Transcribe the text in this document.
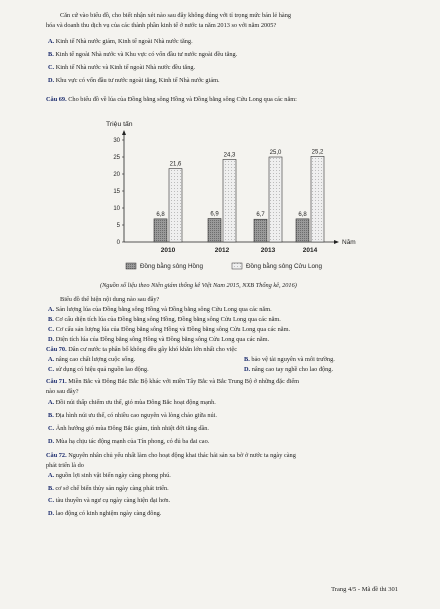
Căn cứ vào biểu đồ, cho biết nhận xét nào sau đây không đúng với tỉ trọng mức bán lẻ hàng
hóa và doanh thu dịch vụ của các thành phần kinh tế ở nước ta năm 2013 so với năm 2005?
A. Kinh tế Nhà nước giảm, Kinh tế ngoài Nhà nước tăng.
B. Kinh tế ngoài Nhà nước và Khu vực có vốn đầu tư nước ngoài đều tăng.
C. Kinh tế Nhà nước và Kinh tế ngoài Nhà nước đều tăng.
D. Khu vực có vốn đầu tư nước ngoài tăng, Kinh tế Nhà nước giảm.
Câu 69. Cho biểu đồ về lúa của Đồng bằng sông Hồng và Đồng bằng sông Cửu Long qua các năm:
Triệu tấn
0
5
10
15
20
25
30
6,8
21,6
2010
6,9
24,3
2012
6,7
25,0
2013
6,8
25,2
2014
Năm
Đồng bằng sông Hồng	Đồng bằng sông Cửu Long
(Nguồn số liệu theo Niên giám thống kê Việt Nam 2015, NXB Thống kê, 2016)
Biểu đồ thể hiện nội dung nào sau đây?
A. Sản lượng lúa của Đồng bằng sông Hồng và Đồng bằng sông Cửu Long qua các năm.
B. Cơ cấu diện tích lúa của Đồng bằng sông Hồng, Đồng bằng sông Cửu Long qua các năm.
C. Cơ cấu sản lượng lúa của Đồng bằng sông Hồng và Đồng bằng sông Cửu Long qua các năm.
D. Diện tích lúa của Đồng bằng sông Hồng và Đồng bằng sông Cửu Long qua các năm.
Câu 70. Dân cư nước ta phân bố không đều gây khó khăn lớn nhất cho việc
A. nâng cao chất lượng cuộc sống.	B. bảo vệ tài nguyên và môi trường.
C. sử dụng có hiệu quả nguồn lao động.	D. nâng cao tay nghề cho lao động.
Câu 71. Miền Bắc và Đông Bắc Bắc Bộ khác với miền Tây Bắc và Bắc Trung Bộ ở những đặc điểm
nào sau đây?
A. Đồi núi thấp chiếm ưu thế, gió mùa Đông Bắc hoạt động mạnh.
B. Địa hình núi ưu thế, có nhiều cao nguyên và lòng chảo giữa núi.
C. Ảnh hưởng gió mùa Đông Bắc giảm, tính nhiệt đới tăng dần.
D. Mùa hạ chịu tác động mạnh của Tín phong, có đủ ba đai cao.
Câu 72. Nguyên nhân chủ yếu nhất làm cho hoạt động khai thác hải sản xa bờ ở nước ta ngày càng
phát triển là do
A. nguồn lợi sinh vật biển ngày càng phong phú.
B. cơ sở chế biến thủy sản ngày càng phát triển.
C. tàu thuyền và ngư cụ ngày càng hiện đại hơn.
D. lao động có kinh nghiệm ngày càng đông.
Trang 4/5 - Mã đề thi 301
